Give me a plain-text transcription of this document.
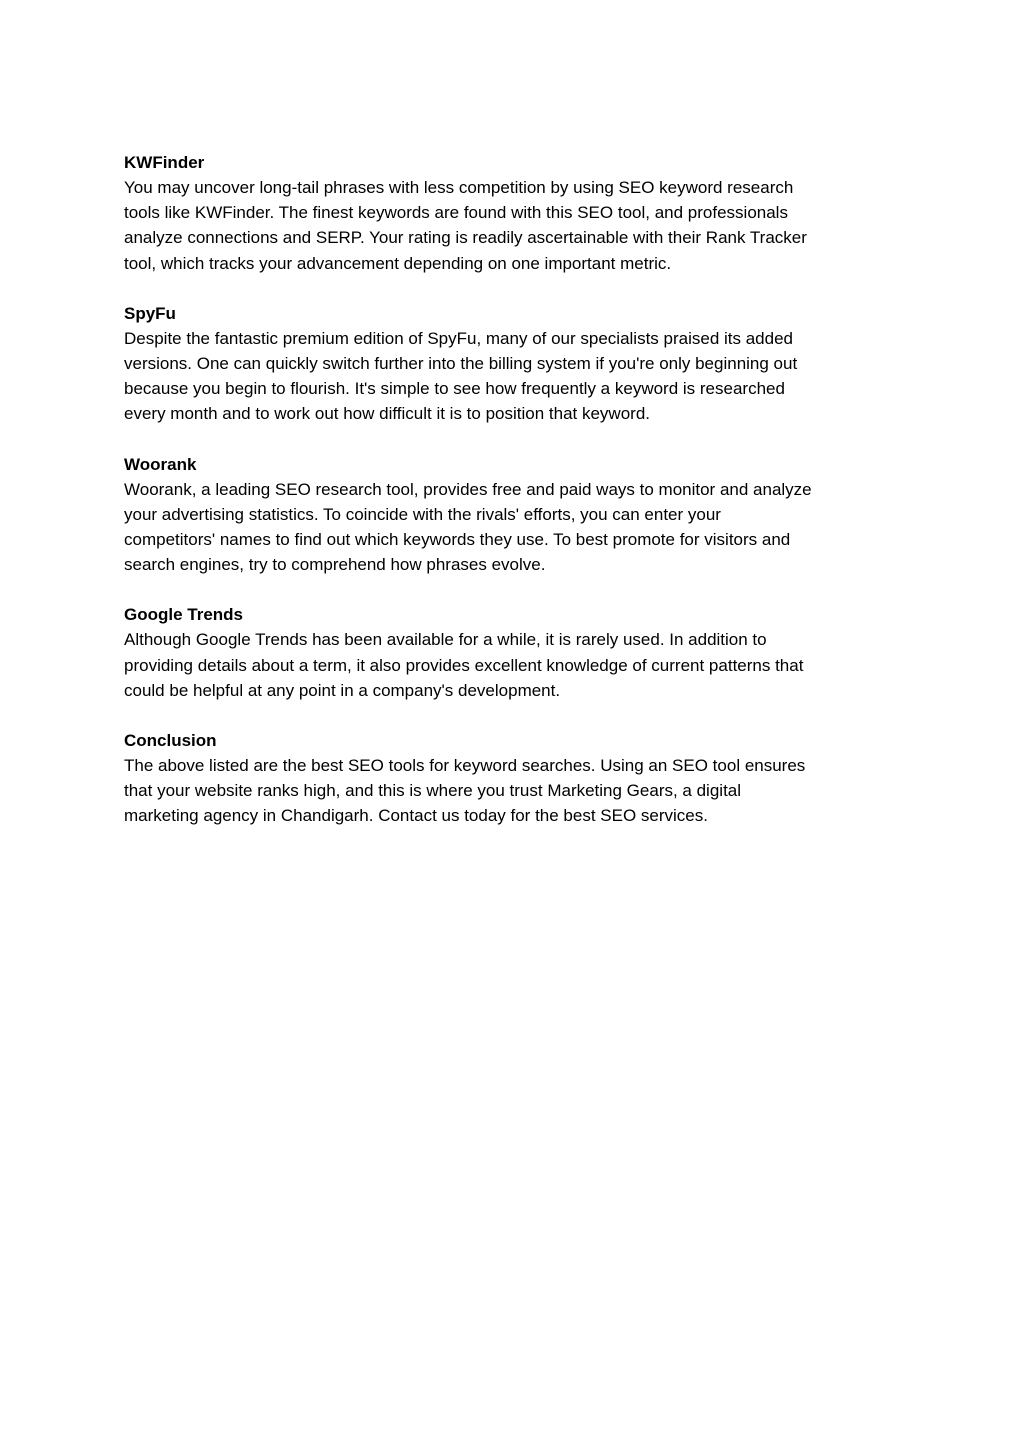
KWFinder

You may uncover long-tail phrases with less competition by using SEO keyword research
tools like KWFinder. The finest keywords are found with this SEO tool, and professionals
analyze connections and SERP. Your rating is readily ascertainable with their Rank Tracker
tool, which tracks your advancement depending on one important metric.

SpyFu

Despite the fantastic premium edition of SpyFu, many of our specialists praised its added
versions. One can quickly switch further into the billing system if you're only beginning out
because you begin to flourish. It's simple to see how frequently a keyword is researched
every month and to work out how difficult it is to position that keyword.

Woorank

Woorank, a leading SEO research tool, provides free and paid ways to monitor and analyze
your advertising statistics. To coincide with the rivals' efforts, you can enter your
competitors' names to find out which keywords they use. To best promote for visitors and
search engines, try to comprehend how phrases evolve.

Google Trends

Although Google Trends has been available for a while, it is rarely used. In addition to
providing details about a term, it also provides excellent knowledge of current patterns that
could be helpful at any point in a company's development.

Conclusion

The above listed are the best SEO tools for keyword searches. Using an SEO tool ensures
that your website ranks high, and this is where you trust Marketing Gears, a digital
marketing agency in Chandigarh. Contact us today for the best SEO services.
